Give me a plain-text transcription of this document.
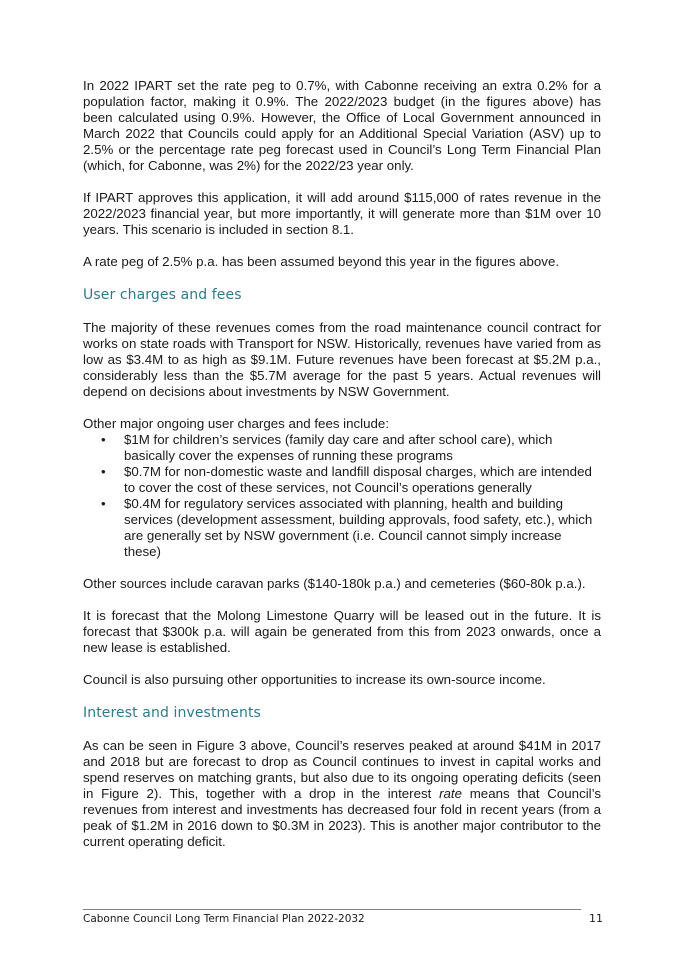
In 2022 IPART set the rate peg to 0.7%, with Cabonne receiving an extra 0.2% for a population factor, making it 0.9%. The 2022/2023 budget (in the figures above) has been calculated using 0.9%. However, the Office of Local Government announced in March 2022 that Councils could apply for an Additional Special Variation (ASV) up to 2.5% or the percentage rate peg forecast used in Council’s Long Term Financial Plan (which, for Cabonne, was 2%) for the 2022/23 year only.

If IPART approves this application, it will add around $115,000 of rates revenue in the 2022/2023 financial year, but more importantly, it will generate more than $1M over 10 years. This scenario is included in section 8.1.

A rate peg of 2.5% p.a. has been assumed beyond this year in the figures above.

User charges and fees

The majority of these revenues comes from the road maintenance council contract for works on state roads with Transport for NSW. Historically, revenues have varied from as low as $3.4M to as high as $9.1M. Future revenues have been forecast at $5.2M p.a., considerably less than the $5.7M average for the past 5 years. Actual revenues will depend on decisions about investments by NSW Government.

Other major ongoing user charges and fees include:

• $1M for children’s services (family day care and after school care), which basically cover the expenses of running these programs
• $0.7M for non-domestic waste and landfill disposal charges, which are intended to cover the cost of these services, not Council’s operations generally
• $0.4M for regulatory services associated with planning, health and building services (development assessment, building approvals, food safety, etc.), which are generally set by NSW government (i.e. Council cannot simply increase these)

Other sources include caravan parks ($140-180k p.a.) and cemeteries ($60-80k p.a.).

It is forecast that the Molong Limestone Quarry will be leased out in the future. It is forecast that $300k p.a. will again be generated from this from 2023 onwards, once a new lease is established.

Council is also pursuing other opportunities to increase its own-source income.

Interest and investments

As can be seen in Figure 3 above, Council’s reserves peaked at around $41M in 2017 and 2018 but are forecast to drop as Council continues to invest in capital works and spend reserves on matching grants, but also due to its ongoing operating deficits (seen in Figure 2). This, together with a drop in the interest rate means that Council’s revenues from interest and investments has decreased four fold in recent years (from a peak of $1.2M in 2016 down to $0.3M in 2023). This is another major contributor to the current operating deficit.

Cabonne Council Long Term Financial Plan 2022-2032	11
